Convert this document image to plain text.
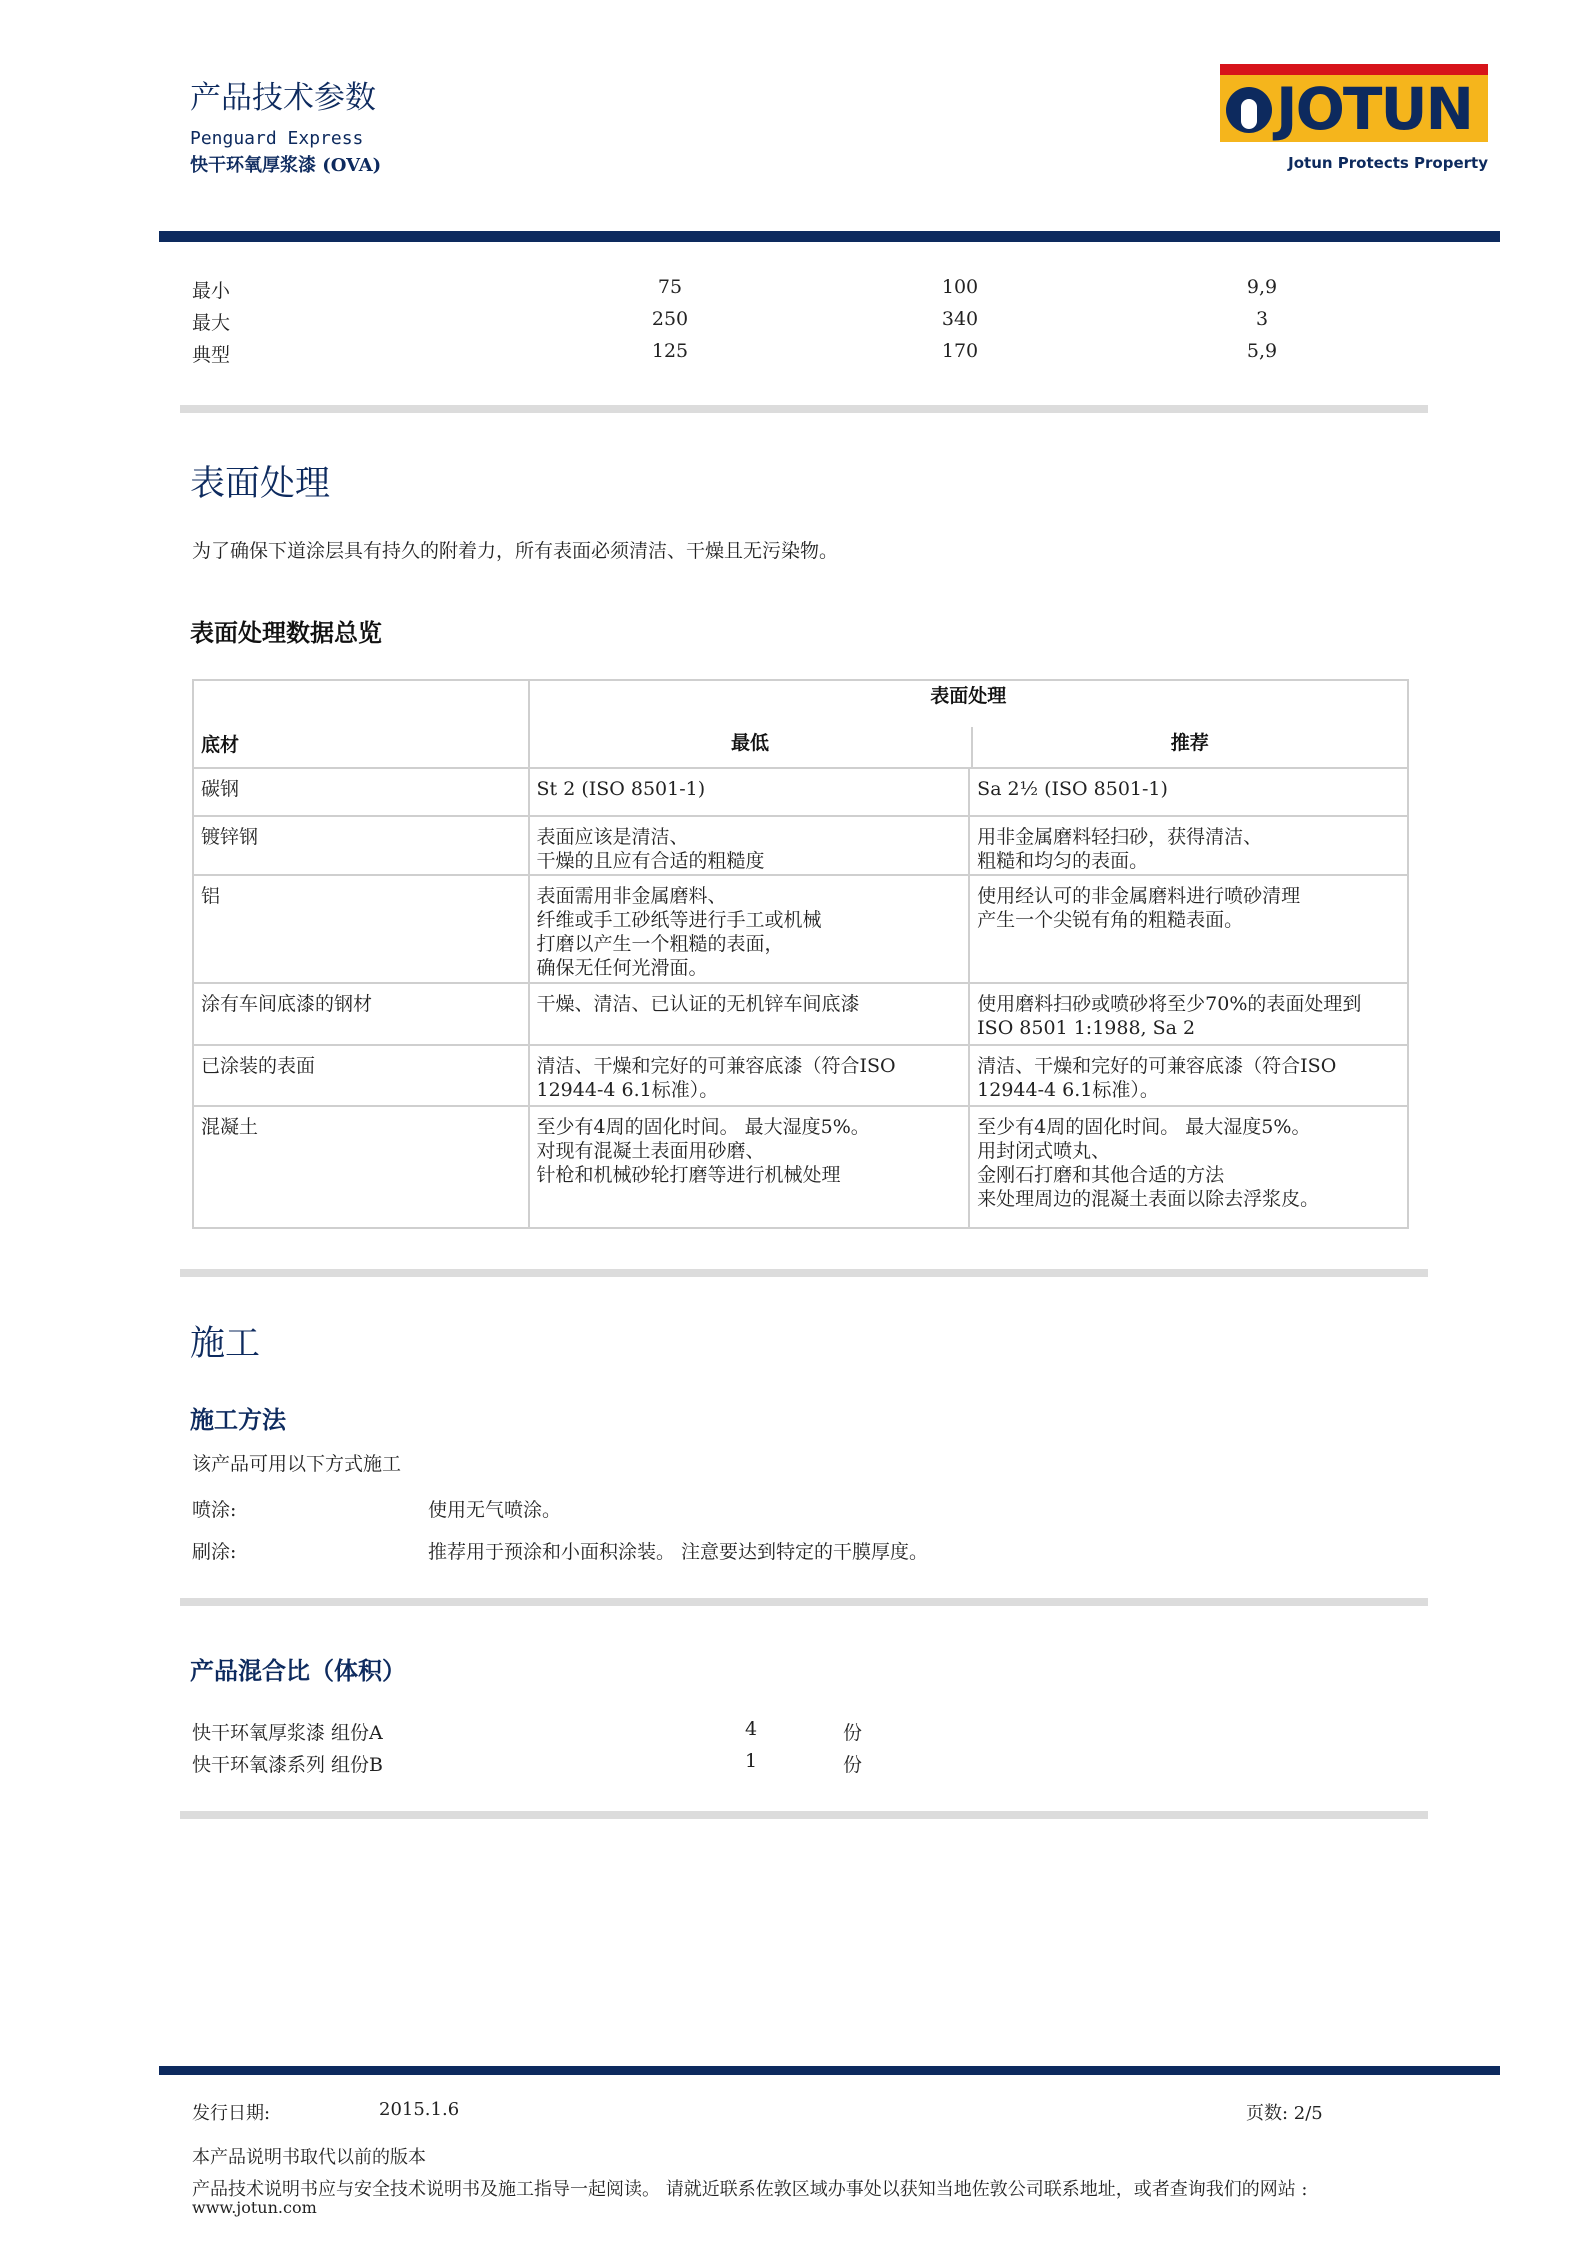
产品技术参数
Penguard Express
快干环氧厚浆漆 (OVA)
JOTUN
Jotun Protects Property
最小	75	100	9,9
最大	250	340	3
典型	125	170	5,9
表面处理
为了确保下道涂层具有持久的附着力，所有表面必须清洁、干燥且无污染物。
表面处理数据总览
底材	表面处理
最低 推荐	

碳钢	St 2 (ISO 8501-1)	Sa 2½ (ISO 8501-1)

镀锌钢	表面应该是清洁、
干燥的且应有合适的粗糙度	用非金属磨料轻扫砂，获得清洁、
粗糙和均匀的表面。

铝	表面需用非金属磨料、
纤维或手工砂纸等进行手工或机械
打磨以产生一个粗糙的表面，
确保无任何光滑面。	使用经认可的非金属磨料进行喷砂清理
产生一个尖锐有角的粗糙表面。

涂有车间底漆的钢材	干燥、清洁、已认证的无机锌车间底漆	使用磨料扫砂或喷砂将至少70%的表面处理到
ISO 8501 1:1988, Sa 2

已涂装的表面	清洁、干燥和完好的可兼容底漆（符合ISO
12944-4 6.1标准）。	清洁、干燥和完好的可兼容底漆（符合ISO
12944-4 6.1标准）。

混凝土	至少有4周的固化时间。 最大湿度5%。
对现有混凝土表面用砂磨、
针枪和机械砂轮打磨等进行机械处理	至少有4周的固化时间。 最大湿度5%。
用封闭式喷丸、
金刚石打磨和其他合适的方法
来处理周边的混凝土表面以除去浮浆皮。
施工
施工方法
该产品可用以下方式施工
喷涂:	使用无气喷涂。
刷涂:	推荐用于预涂和小面积涂装。 注意要达到特定的干膜厚度。
产品混合比（体积）
快干环氧厚浆漆 组份A	4	份
快干环氧漆系列 组份B	1	份
发行日期:	2015.1.6	页数: 2/5
本产品说明书取代以前的版本
产品技术说明书应与安全技术说明书及施工指导一起阅读。 请就近联系佐敦区域办事处以获知当地佐敦公司联系地址，或者查询我们的网站 :
www.jotun.com
